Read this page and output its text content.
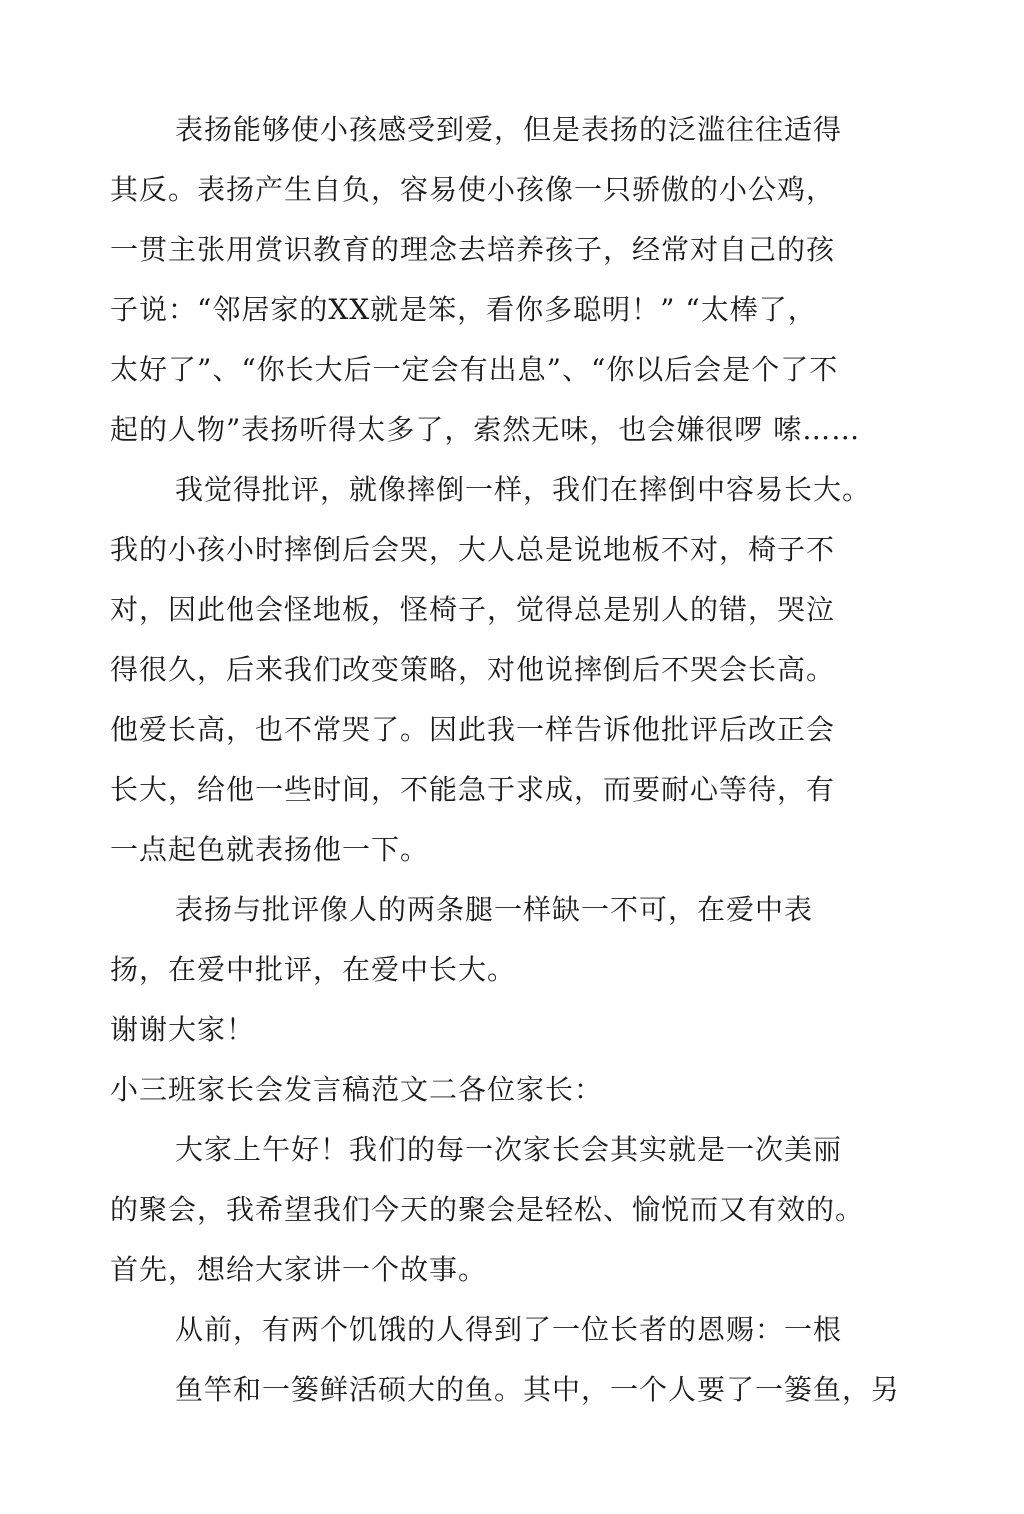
表扬能够使小孩感受到爱，但是表扬的泛滥往往适得
其反。表扬产生自负，容易使小孩像一只骄傲的小公鸡，
一贯主张用赏识教育的理念去培养孩子，经常对自己的孩
子说：“邻居家的XX就是笨，看你多聪明！” “太棒了，
太好了”、“你长大后一定会有出息”、“你以后会是个了不
起的人物”表扬听得太多了，索然无味，也会嫌很啰 嗦……
我觉得批评，就像摔倒一样，我们在摔倒中容易长大。
我的小孩小时摔倒后会哭，大人总是说地板不对，椅子不
对，因此他会怪地板，怪椅子，觉得总是别人的错，哭泣
得很久，后来我们改变策略，对他说摔倒后不哭会长高。
他爱长高，也不常哭了。因此我一样告诉他批评后改正会
长大，给他一些时间，不能急于求成，而要耐心等待，有
一点起色就表扬他一下。
表扬与批评像人的两条腿一样缺一不可，在爱中表
扬，在爱中批评，在爱中长大。
谢谢大家！
小三班家长会发言稿范文二各位家长：
大家上午好！我们的每一次家长会其实就是一次美丽
的聚会，我希望我们今天的聚会是轻松、愉悦而又有效的。
首先，想给大家讲一个故事。
从前，有两个饥饿的人得到了一位长者的恩赐：一根
鱼竿和一篓鲜活硕大的鱼。其中，一个人要了一篓鱼，另
